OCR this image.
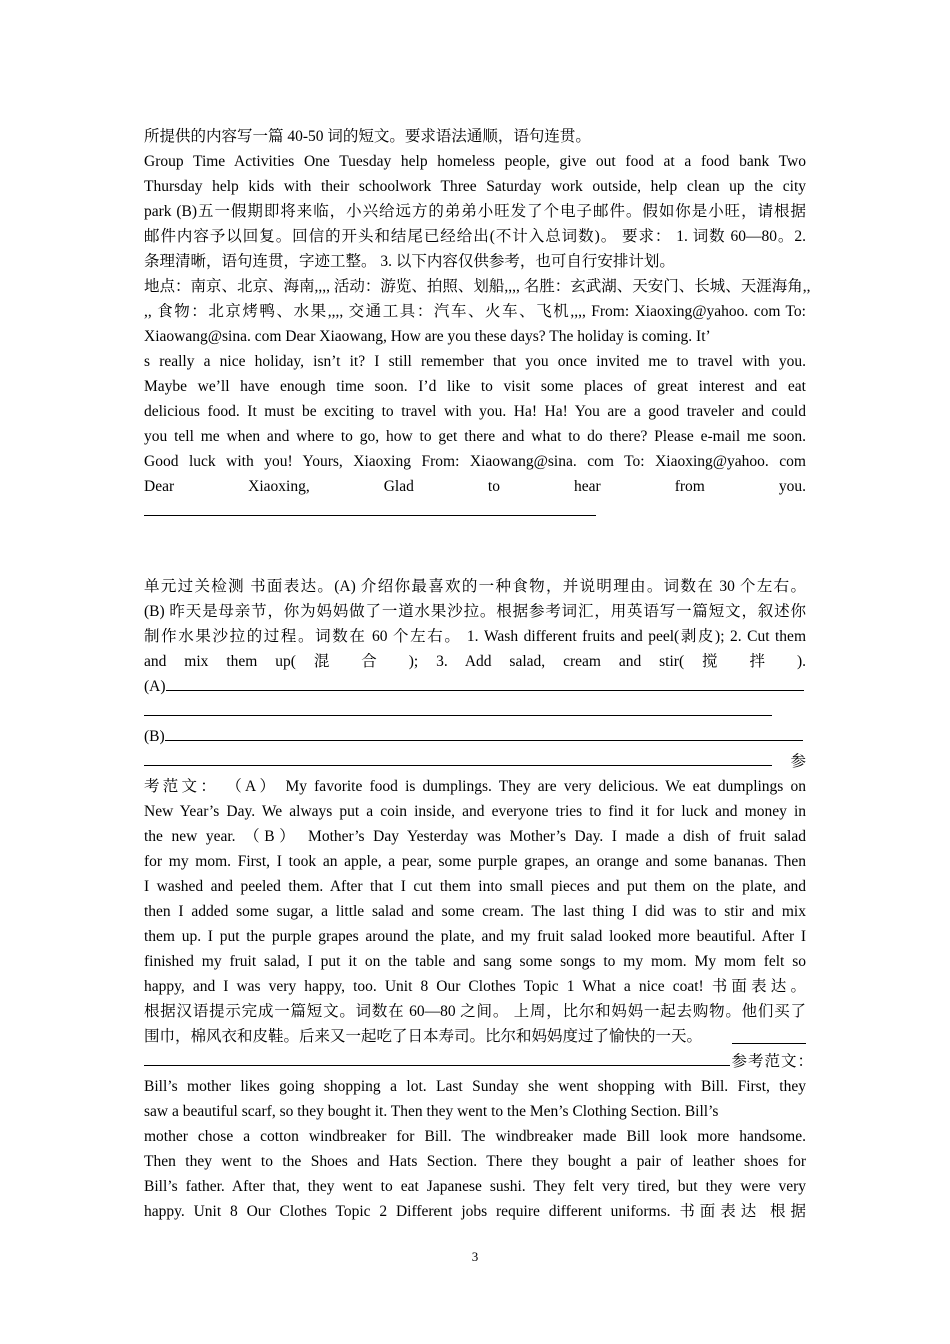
所提供的内容写一篇 40-50 词的短文。要求语法通顺，语句连贯。
Group Time Activities One Tuesday help homeless people, give out food at a food bank Two
Thursday help kids with their schoolwork Three Saturday work outside, help clean up the city
park (B)五一假期即将来临，小兴给远方的弟弟小旺发了个电子邮件。假如你是小旺，请根据
邮件内容予以回复。回信的开头和结尾已经给出(不计入总词数)。 要求： 1. 词数 60—80。2.
条理清晰，语句连贯，字迹工整。 3. 以下内容仅供参考，也可自行安排计划。
地点：南京、北京、海南,,,, 活动：游览、拍照、划船,,,, 名胜：玄武湖、天安门、长城、天涯海角,,
,, 食物：北京烤鸭、水果,,,, 交通工具：汽车、火车、飞机,,,, From: Xiaoxing@yahoo. com To:
Xiaowang@sina. com Dear Xiaowang, How are you these days? The holiday is coming. It’
s really a nice holiday, isn’t it? I still remember that you once invited me to travel with you.
Maybe we’ll have enough time soon. I’d like to visit some places of great interest and eat
delicious food. It must be exciting to travel with you. Ha! Ha! You are a good traveler and could
you tell me when and where to go, how to get there and what to do there? Please e-mail me soon.
Good luck with you! Yours, Xiaoxing From: Xiaowang@sina. com To: Xiaoxing@yahoo. com
Dear Xiaoxing, Glad to hear from you.
单元过关检测 书面表达。(A) 介绍你最喜欢的一种食物，并说明理由。词数在 30 个左右。
(B) 昨天是母亲节，你为妈妈做了一道水果沙拉。根据参考词汇，用英语写一篇短文，叙述你
制作水果沙拉的过程。词数在 60 个左右。 1. Wash different fruits and peel(剥皮); 2. Cut them
and mix them up( 混 合 ); 3. Add salad, cream and stir( 搅 拌 ).
(A)
(B)
参
考范文： （A） My favorite food is dumplings. They are very delicious. We eat dumplings on
New Year’s Day. We always put a coin inside, and everyone tries to find it for luck and money in
the new year. （B） Mother’s Day Yesterday was Mother’s Day. I made a dish of fruit salad
for my mom. First, I took an apple, a pear, some purple grapes, an orange and some bananas. Then
I washed and peeled them. After that I cut them into small pieces and put them on the plate, and
then I added some sugar, a little salad and some cream. The last thing I did was to stir and mix
them up. I put the purple grapes around the plate, and my fruit salad looked more beautiful. After I
finished my fruit salad, I put it on the table and sang some songs to my mom. My mom felt so
happy, and I was very happy, too. Unit 8 Our Clothes Topic 1 What a nice coat! 书面表达。
根据汉语提示完成一篇短文。词数在 60—80 之间。 上周，比尔和妈妈一起去购物。他们买了
围巾，棉风衣和皮鞋。后来又一起吃了日本寿司。比尔和妈妈度过了愉快的一天。
参考范文：
Bill’s mother likes going shopping a lot. Last Sunday she went shopping with Bill. First, they
saw a beautiful scarf, so they bought it. Then they went to the Men’s Clothing Section. Bill’s
mother chose a cotton windbreaker for Bill. The windbreaker made Bill look more handsome.
Then they went to the Shoes and Hats Section. There they bought a pair of leather shoes for
Bill’s father. After that, they went to eat Japanese sushi. They felt very tired, but they were very
happy. Unit 8 Our Clothes Topic 2 Different jobs require different uniforms. 书面表达 根据
3
